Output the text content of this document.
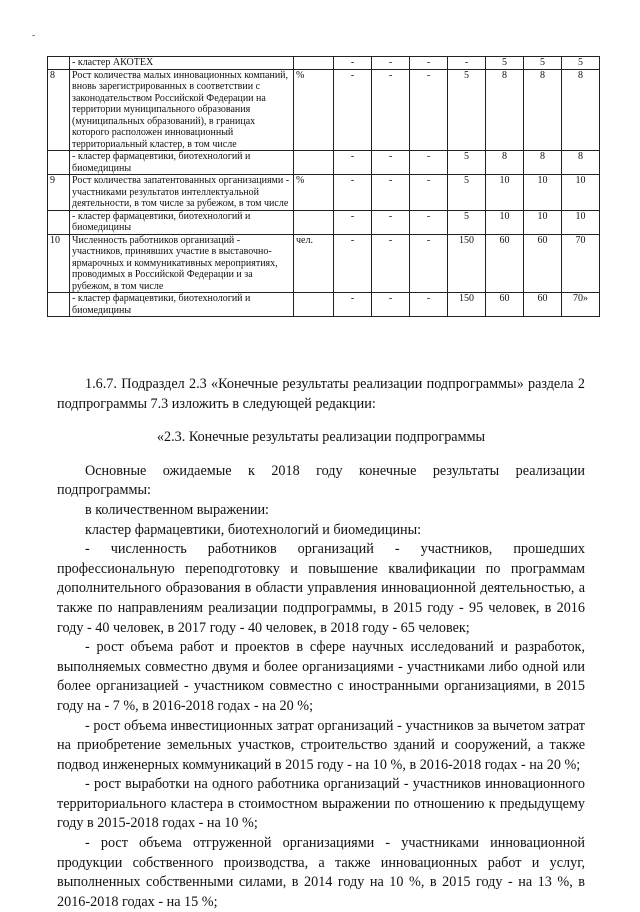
-
	- кластер АКОТЕХ		-	-	-	-	5	5	5
8	Рост количества малых инновационных компаний, вновь зарегистрированных в соответствии с законодательством Российской Федерации на территории муниципального образования (муниципальных образований), в границах которого расположен инновационный территориальный кластер, в том числе	%	-	-	-	5	8	8	8
	- кластер фармацевтики, биотехнологий и биомедицины		-	-	-	5	8	8	8
9	Рост количества запатентованных организациями - участниками результатов интеллектуальной деятельности, в том числе за рубежом, в том числе	%	-	-	-	5	10	10	10
	- кластер фармацевтики, биотехнологий и биомедицины		-	-	-	5	10	10	10
10	Численность работников организаций - участников, принявших участие в выставочно-ярмарочных и коммуникативных мероприятиях, проводимых в Российской Федерации и за рубежом, в том числе	чел.	-	-	-	150	60	60	70
	- кластер фармацевтики, биотехнологий и биомедицины		-	-	-	150	60	60	70»

1.6.7. Подраздел 2.3 «Конечные результаты реализации подпрограммы» раздела 2 подпрограммы 7.3 изложить в следующей редакции:

«2.3. Конечные результаты реализации подпрограммы

Основные ожидаемые к 2018 году конечные результаты реализации подпрограммы:

в количественном выражении:

кластер фармацевтики, биотехнологий и биомедицины:

- численность работников организаций - участников, прошедших профессиональную переподготовку и повышение квалификации по программам дополнительного образования в области управления инновационной деятельностью, а также по направлениям реализации подпрограммы, в 2015 году - 95 человек, в 2016 году - 40 человек, в 2017 году - 40 человек, в 2018 году - 65 человек;

- рост объема работ и проектов в сфере научных исследований и разработок, выполняемых совместно двумя и более организациями - участниками либо одной или более организацией - участником совместно с иностранными организациями, в 2015 году на - 7 %, в 2016-2018 годах - на 20 %;

- рост объема инвестиционных затрат организаций - участников за вычетом затрат на приобретение земельных участков, строительство зданий и сооружений, а также подвод инженерных коммуникаций в 2015 году - на 10 %, в 2016-2018 годах - на 20 %;

- рост выработки на одного работника организаций - участников инновационного территориального кластера в стоимостном выражении по отношению к предыдущему году в 2015-2018 годах - на 10 %;

- рост объема отгруженной организациями - участниками инновационной продукции собственного производства, а также инновационных работ и услуг, выполненных собственными силами, в 2014 году на 10 %, в 2015 году - на 13 %, в 2016-2018 годах - на 15 %;
